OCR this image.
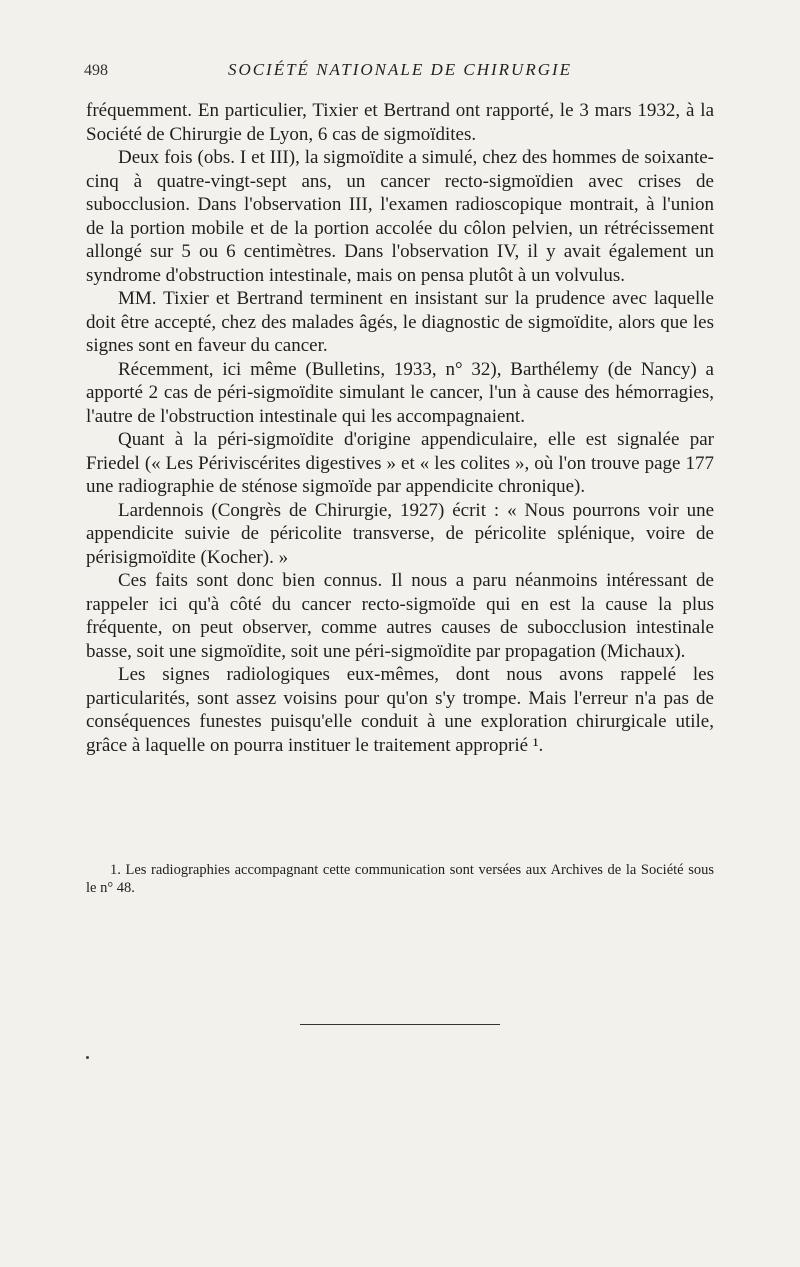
498	SOCIÉTÉ NATIONALE DE CHIRURGIE

fréquemment. En particulier, Tixier et Bertrand ont rapporté, le 3 mars 1932, à la Société de Chirurgie de Lyon, 6 cas de sigmoïdites.

Deux fois (obs. I et III), la sigmoïdite a simulé, chez des hommes de soixante-cinq à quatre-vingt-sept ans, un cancer recto-sigmoïdien avec crises de subocclusion. Dans l'observation III, l'examen radioscopique montrait, à l'union de la portion mobile et de la portion accolée du côlon pelvien, un rétrécissement allongé sur 5 ou 6 centimètres. Dans l'observation IV, il y avait également un syndrome d'obstruction intestinale, mais on pensa plutôt à un volvulus.

MM. Tixier et Bertrand terminent en insistant sur la prudence avec laquelle doit être accepté, chez des malades âgés, le diagnostic de sigmoïdite, alors que les signes sont en faveur du cancer.

Récemment, ici même (Bulletins, 1933, n° 32), Barthélemy (de Nancy) a apporté 2 cas de péri-sigmoïdite simulant le cancer, l'un à cause des hémorragies, l'autre de l'obstruction intestinale qui les accompagnaient.

Quant à la péri-sigmoïdite d'origine appendiculaire, elle est signalée par Friedel (« Les Périviscérites digestives » et « les colites », où l'on trouve page 177 une radiographie de sténose sigmoïde par appendicite chronique).

Lardennois (Congrès de Chirurgie, 1927) écrit : « Nous pourrons voir une appendicite suivie de péricolite transverse, de péricolite splénique, voire de périsigmoïdite (Kocher). »

Ces faits sont donc bien connus. Il nous a paru néanmoins intéressant de rappeler ici qu'à côté du cancer recto-sigmoïde qui en est la cause la plus fréquente, on peut observer, comme autres causes de subocclusion intestinale basse, soit une sigmoïdite, soit une péri-sigmoïdite par propagation (Michaux).

Les signes radiologiques eux-mêmes, dont nous avons rappelé les particularités, sont assez voisins pour qu'on s'y trompe. Mais l'erreur n'a pas de conséquences funestes puisqu'elle conduit à une exploration chirurgicale utile, grâce à laquelle on pourra instituer le traitement approprié ¹.

1. Les radiographies accompagnant cette communication sont versées aux Archives de la Société sous le n° 48.
